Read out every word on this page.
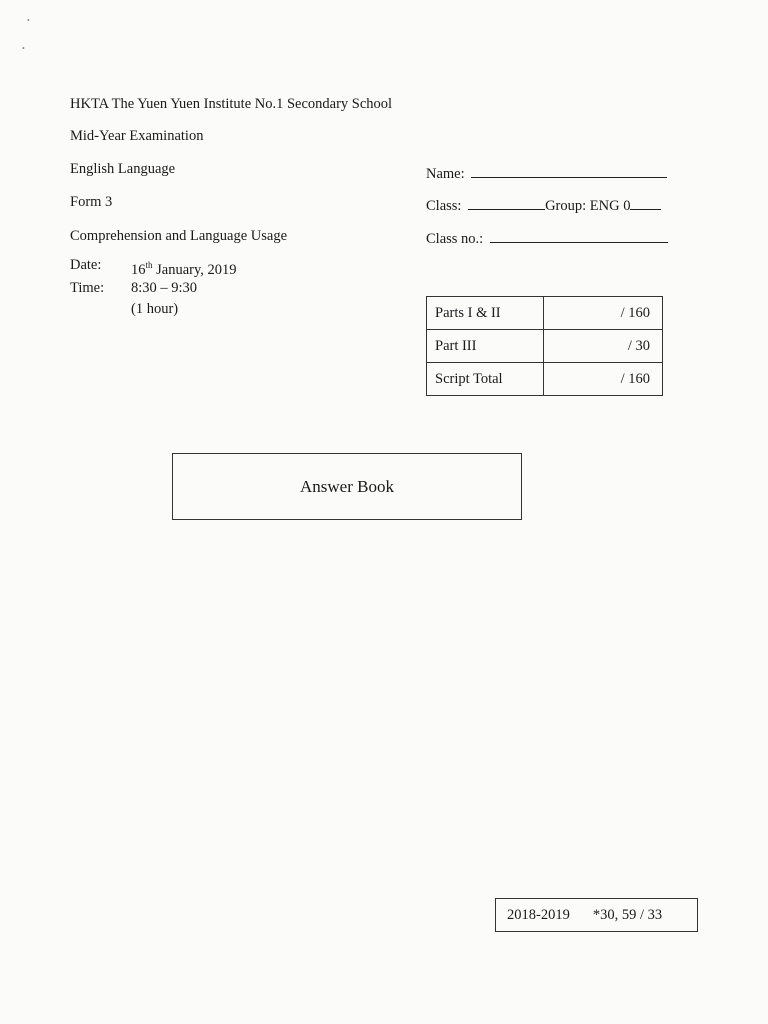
•
•
HKTA The Yuen Yuen Institute No.1 Secondary School
Mid-Year Examination
English Language
Form 3
Comprehension and Language Usage
Date: 16th January, 2019
Time: 8:30 – 9:30
(1 hour)
Name:
Class:	Group: ENG 0
Class no.:
Parts I & II	/ 160
Part III	/ 30
Script Total	/ 160
Answer Book
2018-2019 *30, 59 / 33
